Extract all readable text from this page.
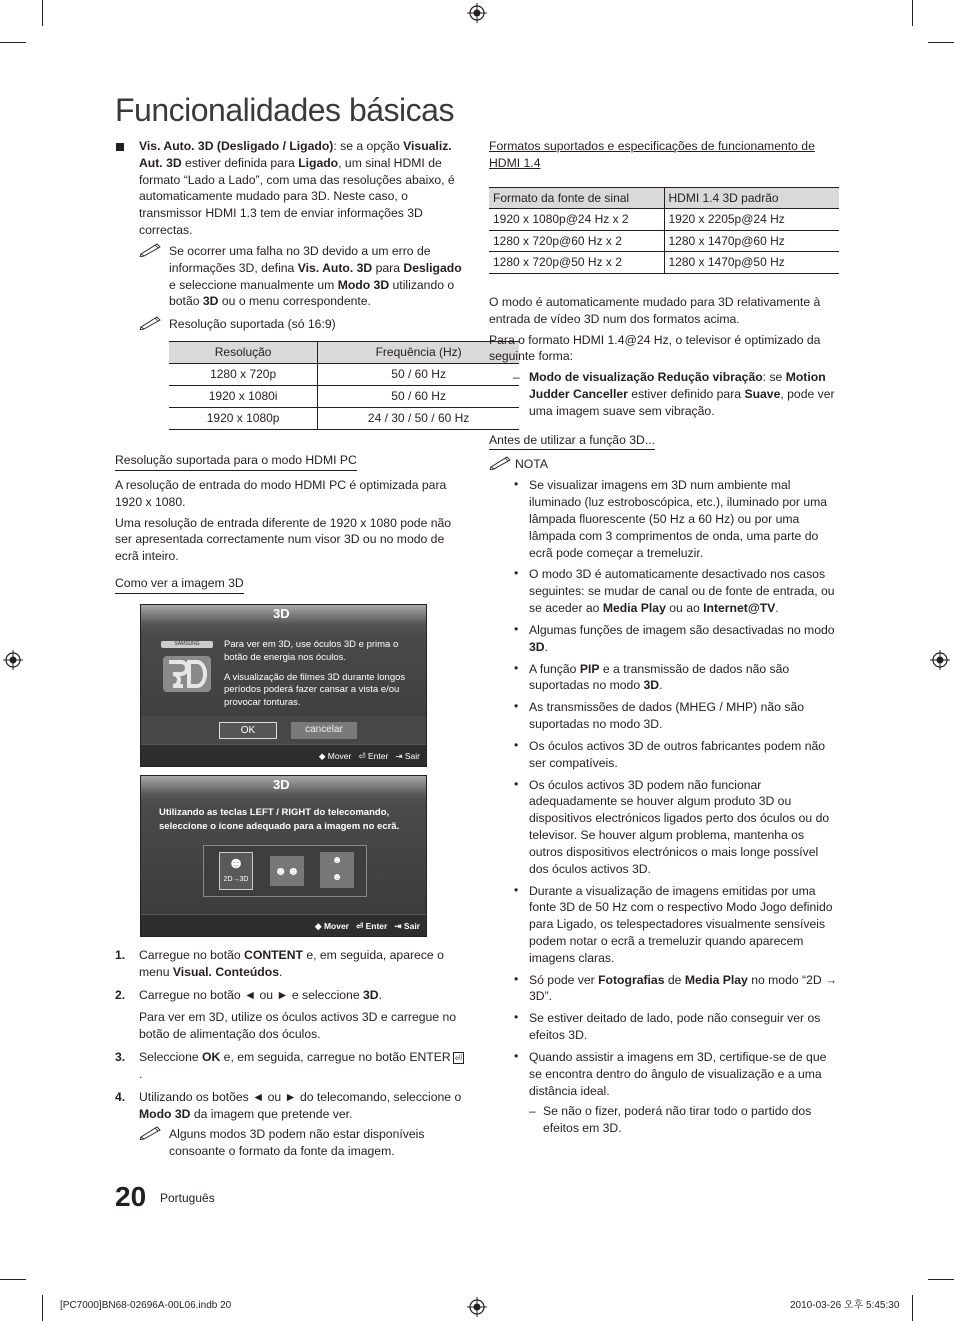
Funcionalidades básicas

Vis. Auto. 3D (Desligado / Ligado): se a opção Visualiz. Aut. 3D estiver definida para Ligado, um sinal HDMI de formato “Lado a Lado”, com uma das resoluções abaixo, é automaticamente mudado para 3D. Neste caso, o transmissor HDMI 1.3 tem de enviar informações 3D correctas.

Se ocorrer uma falha no 3D devido a um erro de informações 3D, defina Vis. Auto. 3D para Desligado e seleccione manualmente um Modo 3D utilizando o botão 3D ou o menu correspondente.
Resolução suportada (só 16:9)
Resolução	Frequência (Hz)
1280 x 720p	50 / 60 Hz
1920 x 1080i	50 / 60 Hz
1920 x 1080p	24 / 30 / 50 / 60 Hz
Resolução suportada para o modo HDMI PC

A resolução de entrada do modo HDMI PC é optimizada para 1920 x 1080.

Uma resolução de entrada diferente de 1920 x 1080 pode não ser apresentada correctamente num visor 3D ou no modo de ecrã inteiro.

Como ver a imagem 3D
3D
SAMSUNG	Para ver em 3D, use óculos 3D e prima o botão de energia nos óculos.

A visualização de filmes 3D durante longos períodos poderá fazer cansar a vista e/ou provocar tonturas.

OK	cancelar
◆ Mover ⏎ Enter ⇥ Sair
3D

Utilizando as teclas LEFT / RIGHT do telecomando, seleccione o ícone adequado para a imagem no ecrã.

☻
2D→3D
☻☻
☻
☻
◆ Mover ⏎ Enter ⇥ Sair
1. Carregue no botão CONTENT e, em seguida, aparece o menu Visual. Conteúdos.
2. Carregue no botão ◄ ou ► e seleccione 3D.

Para ver em 3D, utilize os óculos activos 3D e carregue no botão de alimentação dos óculos.

3. Seleccione OK e, em seguida, carregue no botão ENTER ⏎.
4. Utilizando os botões ◄ ou ► do telecomando, seleccione o Modo 3D da imagem que pretende ver.
Alguns modos 3D podem não estar disponíveis consoante o formato da fonte da imagem.
Formatos suportados e especificações de funcionamento de HDMI 1.4
Formato da fonte de sinal	HDMI 1.4 3D padrão
1920 x 1080p@24 Hz x 2	1920 x 2205p@24 Hz
1280 x 720p@60 Hz x 2	1280 x 1470p@60 Hz
1280 x 720p@50 Hz x 2	1280 x 1470p@50 Hz

O modo é automaticamente mudado para 3D relativamente à entrada de vídeo 3D num dos formatos acima.

Para o formato HDMI 1.4@24 Hz, o televisor é optimizado da seguinte forma:

– Modo de visualização Redução vibração: se Motion Judder Canceller estiver definido para Suave, pode ver uma imagem suave sem vibração.

Antes de utilizar a função 3D...
NOTA
• Se visualizar imagens em 3D num ambiente mal iluminado (luz estroboscópica, etc.), iluminado por uma lâmpada fluorescente (50 Hz a 60 Hz) ou por uma lâmpada com 3 comprimentos de onda, uma parte do ecrã pode começar a tremeluzir.
• O modo 3D é automaticamente desactivado nos casos seguintes: se mudar de canal ou de fonte de entrada, ou se aceder ao Media Play ou ao Internet@TV.
• Algumas funções de imagem são desactivadas no modo 3D.
• A função PIP e a transmissão de dados não são suportadas no modo 3D.
• As transmissões de dados (MHEG / MHP) não são suportadas no modo 3D.
• Os óculos activos 3D de outros fabricantes podem não ser compatíveis.
• Os óculos activos 3D podem não funcionar adequadamente se houver algum produto 3D ou dispositivos electrónicos ligados perto dos óculos ou do televisor. Se houver algum problema, mantenha os outros dispositivos electrónicos o mais longe possível dos óculos activos 3D.
• Durante a visualização de imagens emitidas por uma fonte 3D de 50 Hz com o respectivo Modo Jogo definido para Ligado, os telespectadores visualmente sensíveis podem notar o ecrã a tremeluzir quando aparecem imagens claras.
• Só pode ver Fotografias de Media Play no modo “2D → 3D”.
• Se estiver deitado de lado, pode não conseguir ver os efeitos 3D.
• Quando assistir a imagens em 3D, certifique-se de que se encontra dentro do ângulo de visualização e a uma distância ideal.
– Se não o fizer, poderá não tirar todo o partido dos efeitos em 3D.
20 Português
[PC7000]BN68-02696A-00L06.indb 20	2010-03-26 오후 5:45:30
